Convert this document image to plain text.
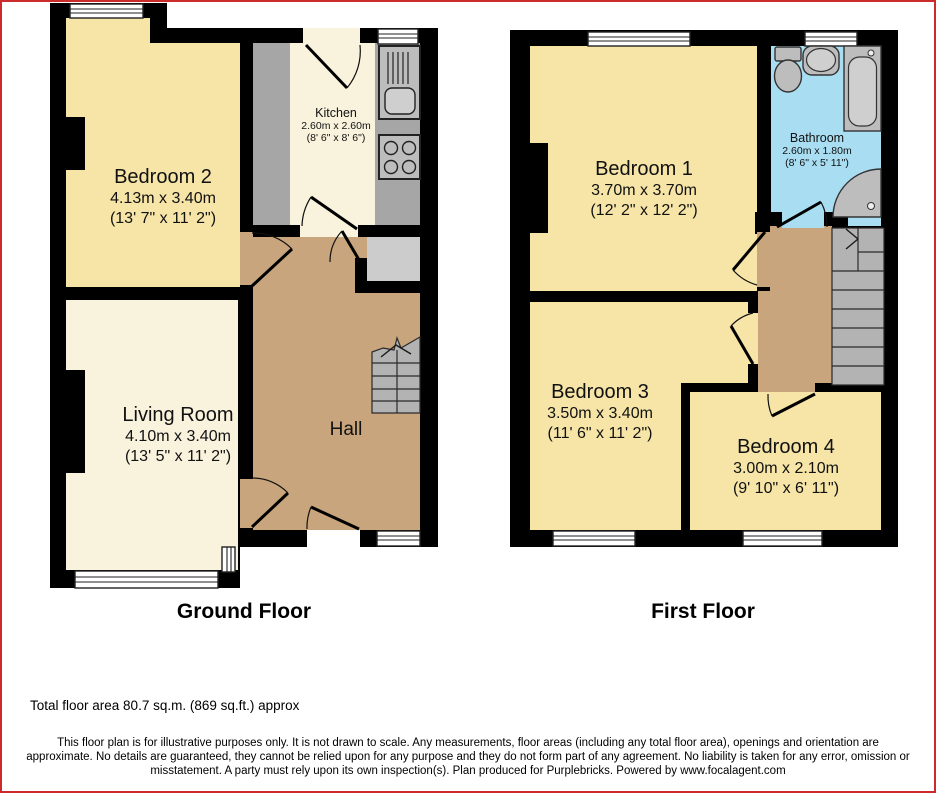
Bedroom 2
4.13m x 3.40m
(13' 7" x 11' 2")
Kitchen
2.60m x 2.60m
(8' 6" x 8' 6")
Living Room
4.10m x 3.40m
(13' 5" x 11' 2")
Hall
Bedroom 1
3.70m x 3.70m
(12' 2" x 12' 2")
Bathroom
2.60m x 1.80m
(8' 6" x 5' 11")
Bedroom 3
3.50m x 3.40m
(11' 6" x 11' 2")
Bedroom 4
3.00m x 2.10m
(9' 10" x 6' 11")
Ground Floor	First Floor
Total floor area 80.7 sq.m. (869 sq.ft.) approx
This floor plan is for illustrative purposes only. It is not drawn to scale. Any measurements, floor areas (including any total floor area), openings and orientation are approximate. No details are guaranteed, they cannot be relied upon for any purpose and they do not form part of any agreement. No liability is taken for any error, omission or misstatement. A party must rely upon its own inspection(s). Plan produced for Purplebricks. Powered by www.focalagent.com
